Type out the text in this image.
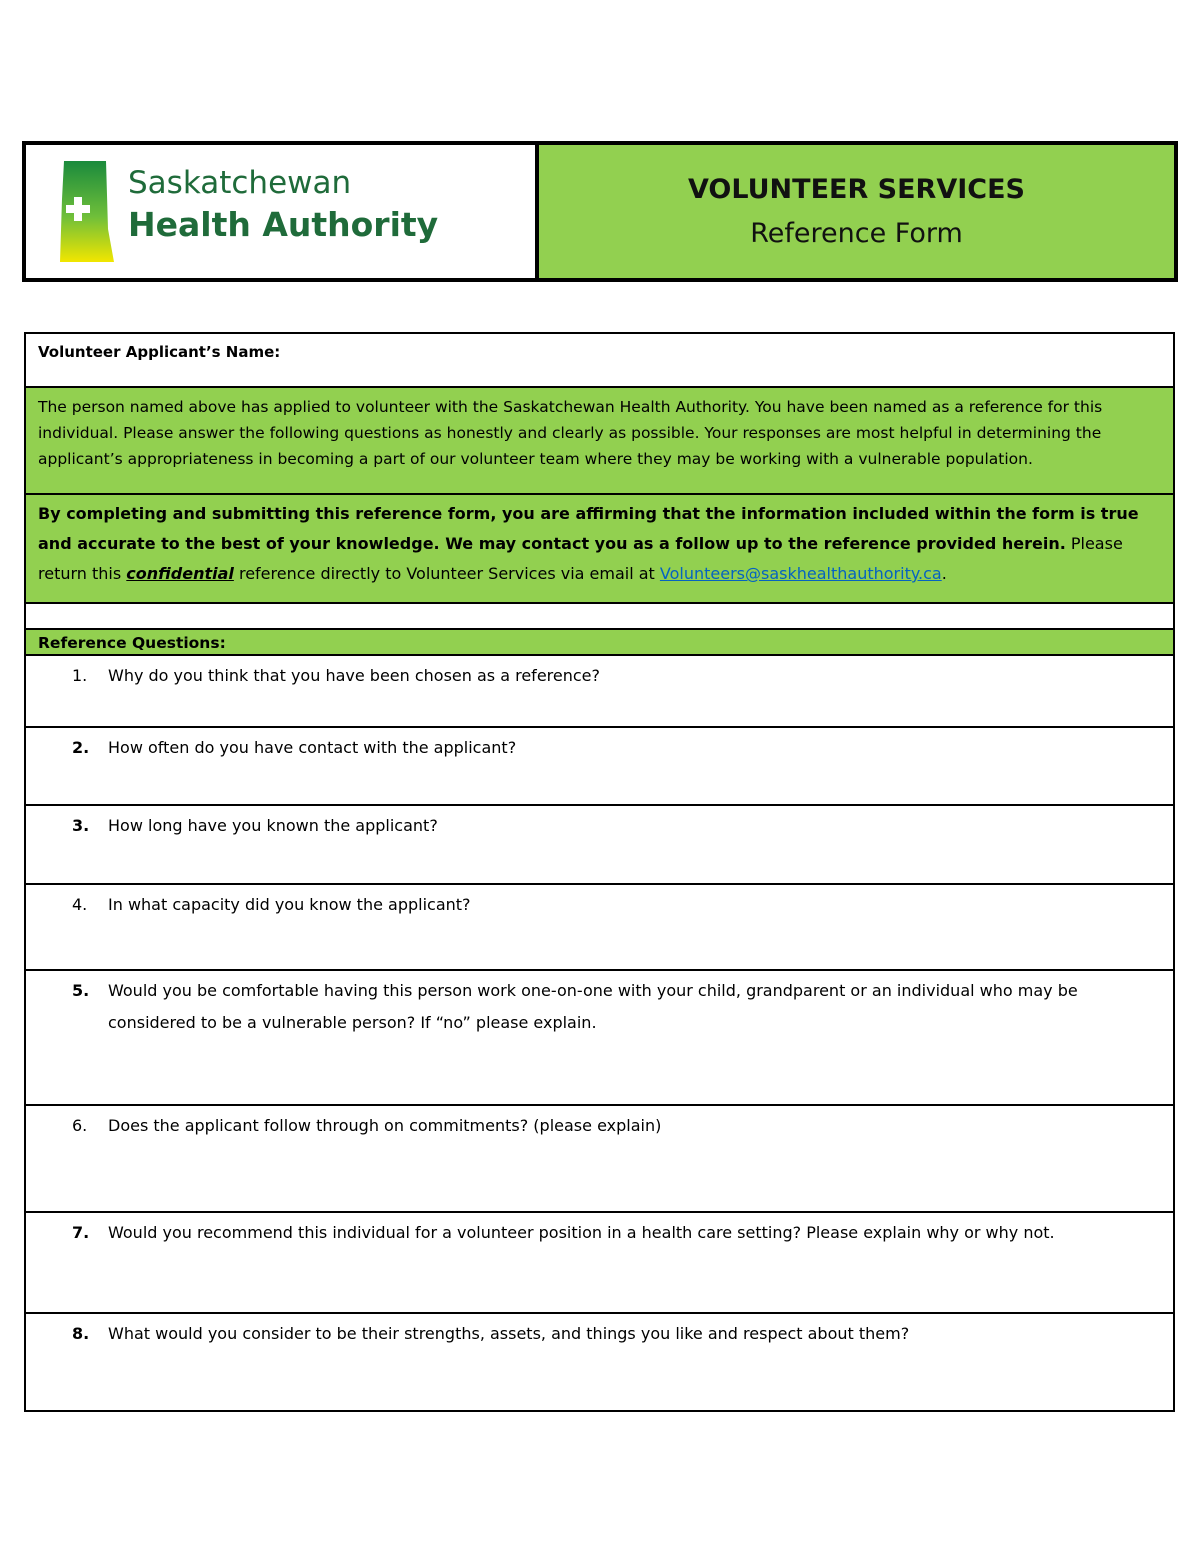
Saskatchewan
Health Authority
VOLUNTEER SERVICES
Reference Form
Volunteer Applicant’s Name:
The person named above has applied to volunteer with the Saskatchewan Health Authority. You have been named as a reference for this individual. Please answer the following questions as honestly and clearly as possible. Your responses are most helpful in determining the applicant’s appropriateness in becoming a part of our volunteer team where they may be working with a vulnerable population.
By completing and submitting this reference form, you are affirming that the information included within the form is true and accurate to the best of your knowledge. We may contact you as a follow up to the reference provided herein. Please return this confidential reference directly to Volunteer Services via email at Volunteers@saskhealthauthority.ca.
Reference Questions:
1.	Why do you think that you have been chosen as a reference?
2.	How often do you have contact with the applicant?
3.	How long have you known the applicant?
4.	In what capacity did you know the applicant?
5.	Would you be comfortable having this person work one-on-one with your child, grandparent or an individual who may be considered to be a vulnerable person? If “no” please explain.
6.	Does the applicant follow through on commitments? (please explain)
7.	Would you recommend this individual for a volunteer position in a health care setting? Please explain why or why not.
8.	What would you consider to be their strengths, assets, and things you like and respect about them?
